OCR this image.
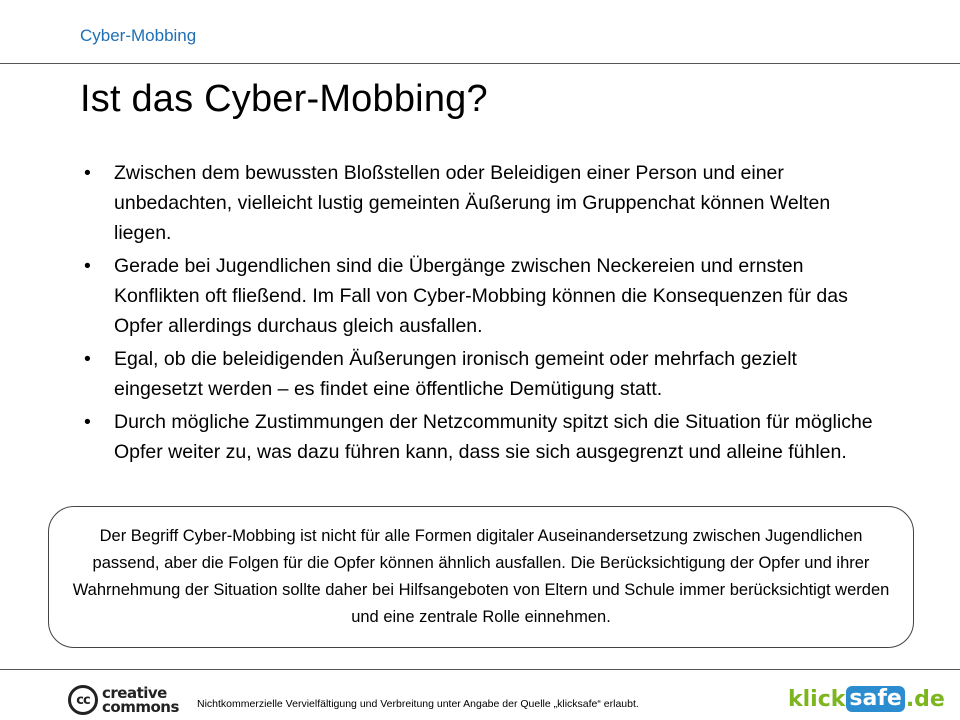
Cyber-Mobbing
Ist das Cyber-Mobbing?
• Zwischen dem bewussten Bloßstellen oder Beleidigen einer Person und einer unbedachten, vielleicht lustig gemeinten Äußerung im Gruppenchat können Welten liegen.
• Gerade bei Jugendlichen sind die Übergänge zwischen Neckereien und ernsten Konflikten oft fließend. Im Fall von Cyber-Mobbing können die Konsequenzen für das Opfer allerdings durchaus gleich ausfallen.
• Egal, ob die beleidigenden Äußerungen ironisch gemeint oder mehrfach gezielt eingesetzt werden – es findet eine öffentliche Demütigung statt.
• Durch mögliche Zustimmungen der Netzcommunity spitzt sich die Situation für mögliche Opfer weiter zu, was dazu führen kann, dass sie sich ausgegrenzt und alleine fühlen.

Der Begriff Cyber-Mobbing ist nicht für alle Formen digitaler Auseinandersetzung zwischen Jugendlichen passend, aber die Folgen für die Opfer können ähnlich ausfallen. Die Berücksichtigung der Opfer und ihrer Wahrnehmung der Situation sollte daher bei Hilfsangeboten von Eltern und Schule immer berücksichtigt werden und eine zentrale Rolle einnehmen.

cc creative
commons Nichtkommerzielle Vervielfältigung und Verbreitung unter Angabe der Quelle „klicksafe“ erlaubt.	klick safe .de
